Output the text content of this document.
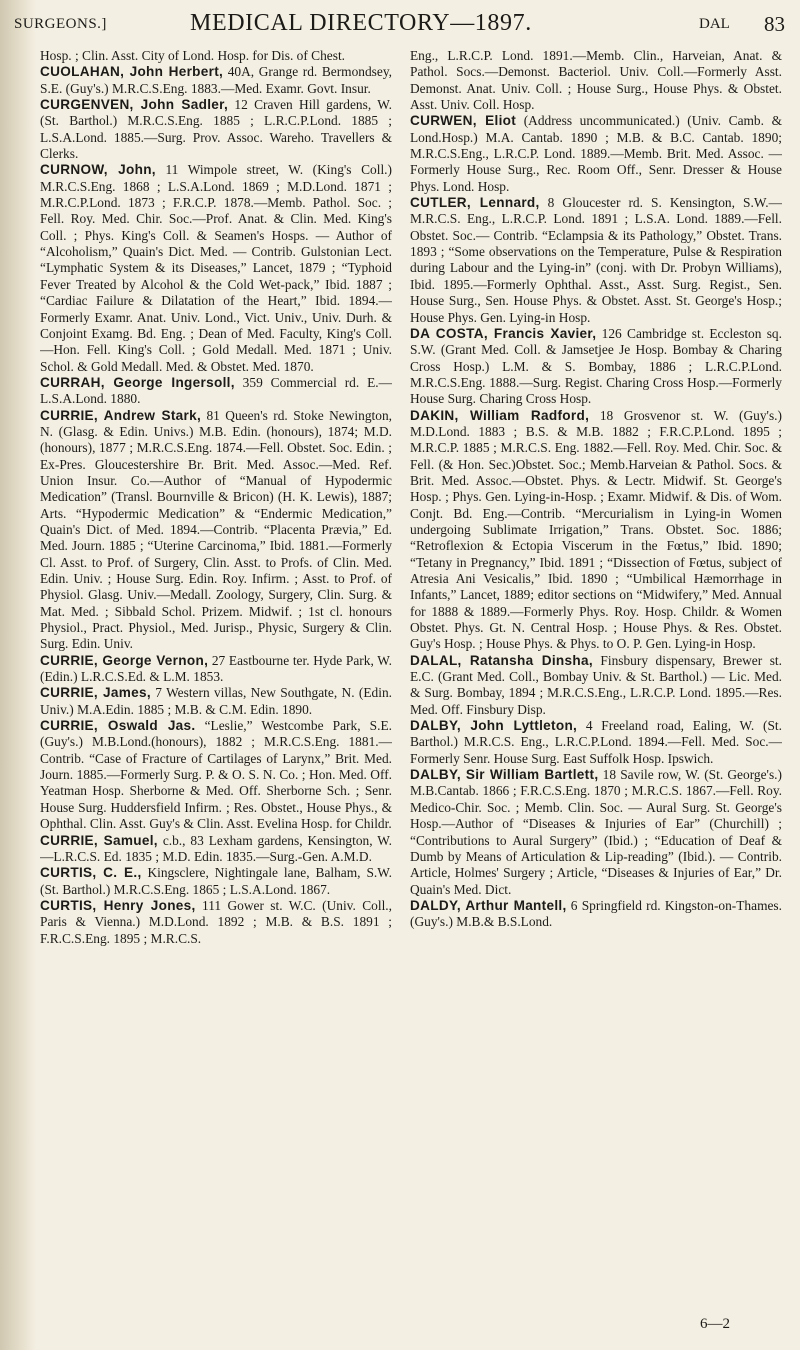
SURGEONS.]	MEDICAL DIRECTORY—1897.	DAL 83

Hosp. ; Clin. Asst. City of Lond. Hosp. for Dis. of Chest.

CUOLAHAN, John Herbert, 40A, Grange rd. Bermondsey, S.E. (Guy's.) M.R.C.S.Eng. 1883.—Med. Examr. Govt. Insur.

CURGENVEN, John Sadler, 12 Craven Hill gardens, W. (St. Barthol.) M.R.C.S.Eng. 1885 ; L.R.C.P.Lond. 1885 ; L.S.A.Lond. 1885.—Surg. Prov. Assoc. Wareho. Travellers & Clerks.

CURNOW, John, 11 Wimpole street, W. (King's Coll.) M.R.C.S.Eng. 1868 ; L.S.A.Lond. 1869 ; M.D.Lond. 1871 ; M.R.C.P.Lond. 1873 ; F.R.C.P. 1878.—Memb. Pathol. Soc. ; Fell. Roy. Med. Chir. Soc.—Prof. Anat. & Clin. Med. King's Coll. ; Phys. King's Coll. & Seamen's Hosps. — Author of “Alcoholism,” Quain's Dict. Med. — Contrib. Gulstonian Lect. “Lymphatic System & its Diseases,” Lancet, 1879 ; “Typhoid Fever Treated by Alcohol & the Cold Wet-pack,” Ibid. 1887 ; “Cardiac Failure & Dilatation of the Heart,” Ibid. 1894.—Formerly Examr. Anat. Univ. Lond., Vict. Univ., Univ. Durh. & Conjoint Examg. Bd. Eng. ; Dean of Med. Faculty, King's Coll.—Hon. Fell. King's Coll. ; Gold Medall. Med. 1871 ; Univ. Schol. & Gold Medall. Med. & Obstet. Med. 1870.

CURRAH, George Ingersoll, 359 Commercial rd. E.—L.S.A.Lond. 1880.

CURRIE, Andrew Stark, 81 Queen's rd. Stoke Newington, N. (Glasg. & Edin. Univs.) M.B. Edin. (honours), 1874; M.D. (honours), 1877 ; M.R.C.S.Eng. 1874.—Fell. Obstet. Soc. Edin. ; Ex-Pres. Gloucestershire Br. Brit. Med. Assoc.—Med. Ref. Union Insur. Co.—Author of “Manual of Hypodermic Medication” (Transl. Bournville & Bricon) (H. K. Lewis), 1887; Arts. “Hypodermic Medication” & “Endermic Medication,” Quain's Dict. of Med. 1894.—Contrib. “Placenta Prævia,” Ed. Med. Journ. 1885 ; “Uterine Carcinoma,” Ibid. 1881.—Formerly Cl. Asst. to Prof. of Surgery, Clin. Asst. to Profs. of Clin. Med. Edin. Univ. ; House Surg. Edin. Roy. Infirm. ; Asst. to Prof. of Physiol. Glasg. Univ.—Medall. Zoology, Surgery, Clin. Surg. & Mat. Med. ; Sibbald Schol. Prizem. Midwif. ; 1st cl. honours Physiol., Pract. Physiol., Med. Jurisp., Physic, Surgery & Clin. Surg. Edin. Univ.

CURRIE, George Vernon, 27 Eastbourne ter. Hyde Park, W. (Edin.) L.R.C.S.Ed. & L.M. 1853.

CURRIE, James, 7 Western villas, New Southgate, N. (Edin. Univ.) M.A.Edin. 1885 ; M.B. & C.M. Edin. 1890.

CURRIE, Oswald Jas. “Leslie,” Westcombe Park, S.E. (Guy's.) M.B.Lond.(honours), 1882 ; M.R.C.S.Eng. 1881.—Contrib. “Case of Fracture of Cartilages of Larynx,” Brit. Med. Journ. 1885.—Formerly Surg. P. & O. S. N. Co. ; Hon. Med. Off. Yeatman Hosp. Sherborne & Med. Off. Sherborne Sch. ; Senr. House Surg. Huddersfield Infirm. ; Res. Obstet., House Phys., & Ophthal. Clin. Asst. Guy's & Clin. Asst. Evelina Hosp. for Childr.

CURRIE, Samuel, c.b., 83 Lexham gardens, Kensington, W.—L.R.C.S. Ed. 1835 ; M.D. Edin. 1835.—Surg.-Gen. A.M.D.

CURTIS, C. E., Kingsclere, Nightingale lane, Balham, S.W. (St. Barthol.) M.R.C.S.Eng. 1865 ; L.S.A.Lond. 1867.

CURTIS, Henry Jones, 111 Gower st. W.C. (Univ. Coll., Paris & Vienna.) M.D.Lond. 1892 ; M.B. & B.S. 1891 ; F.R.C.S.Eng. 1895 ; M.R.C.S.

Eng., L.R.C.P. Lond. 1891.—Memb. Clin., Harveian, Anat. & Pathol. Socs.—Demonst. Bacteriol. Univ. Coll.—Formerly Asst. Demonst. Anat. Univ. Coll. ; House Surg., House Phys. & Obstet. Asst. Univ. Coll. Hosp.

CURWEN, Eliot (Address uncommunicated.) (Univ. Camb. & Lond.Hosp.) M.A. Cantab. 1890 ; M.B. & B.C. Cantab. 1890; M.R.C.S.Eng., L.R.C.P. Lond. 1889.—Memb. Brit. Med. Assoc. —Formerly House Surg., Rec. Room Off., Senr. Dresser & House Phys. Lond. Hosp.

CUTLER, Lennard, 8 Gloucester rd. S. Kensington, S.W.— M.R.C.S. Eng., L.R.C.P. Lond. 1891 ; L.S.A. Lond. 1889.—Fell. Obstet. Soc.— Contrib. “Eclampsia & its Pathology,” Obstet. Trans. 1893 ; “Some observations on the Temperature, Pulse & Respiration during Labour and the Lying-in” (conj. with Dr. Probyn Williams), Ibid. 1895.—Formerly Ophthal. Asst., Asst. Surg. Regist., Sen. House Surg., Sen. House Phys. & Obstet. Asst. St. George's Hosp.; House Phys. Gen. Lying-in Hosp.

DA COSTA, Francis Xavier, 126 Cambridge st. Eccleston sq. S.W. (Grant Med. Coll. & Jamsetjee Je Hosp. Bombay & Charing Cross Hosp.) L.M. & S. Bombay, 1886 ; L.R.C.P.Lond. M.R.C.S.Eng. 1888.—Surg. Regist. Charing Cross Hosp.—Formerly House Surg. Charing Cross Hosp.

DAKIN, William Radford, 18 Grosvenor st. W. (Guy's.) M.D.Lond. 1883 ; B.S. & M.B. 1882 ; F.R.C.P.Lond. 1895 ; M.R.C.P. 1885 ; M.R.C.S. Eng. 1882.—Fell. Roy. Med. Chir. Soc. & Fell. (& Hon. Sec.)Obstet. Soc.; Memb.Harveian & Pathol. Socs. & Brit. Med. Assoc.—Obstet. Phys. & Lectr. Midwif. St. George's Hosp. ; Phys. Gen. Lying-in-Hosp. ; Examr. Midwif. & Dis. of Wom. Conjt. Bd. Eng.—Contrib. “Mercurialism in Lying-in Women undergoing Sublimate Irrigation,” Trans. Obstet. Soc. 1886; “Retroflexion & Ectopia Viscerum in the Fœtus,” Ibid. 1890; “Tetany in Pregnancy,” Ibid. 1891 ; “Dissection of Fœtus, subject of Atresia Ani Vesicalis,” Ibid. 1890 ; “Umbilical Hæmorrhage in Infants,” Lancet, 1889; editor sections on “Midwifery,” Med. Annual for 1888 & 1889.—Formerly Phys. Roy. Hosp. Childr. & Women Obstet. Phys. Gt. N. Central Hosp. ; House Phys. & Res. Obstet. Guy's Hosp. ; House Phys. & Phys. to O. P. Gen. Lying-in Hosp.

DALAL, Ratansha Dinsha, Finsbury dispensary, Brewer st. E.C. (Grant Med. Coll., Bombay Univ. & St. Barthol.) — Lic. Med. & Surg. Bombay, 1894 ; M.R.C.S.Eng., L.R.C.P. Lond. 1895.—Res. Med. Off. Finsbury Disp.

DALBY, John Lyttleton, 4 Freeland road, Ealing, W. (St. Barthol.) M.R.C.S. Eng., L.R.C.P.Lond. 1894.—Fell. Med. Soc.—Formerly Senr. House Surg. East Suffolk Hosp. Ipswich.

DALBY, Sir William Bartlett, 18 Savile row, W. (St. George's.) M.B.Cantab. 1866 ; F.R.C.S.Eng. 1870 ; M.R.C.S. 1867.—Fell. Roy. Medico-Chir. Soc. ; Memb. Clin. Soc. — Aural Surg. St. George's Hosp.—Author of “Diseases & Injuries of Ear” (Churchill) ; “Contributions to Aural Surgery” (Ibid.) ; “Education of Deaf & Dumb by Means of Articulation & Lip-reading” (Ibid.). — Contrib. Article, Holmes' Surgery ; Article, “Diseases & Injuries of Ear,” Dr. Quain's Med. Dict.

DALDY, Arthur Mantell, 6 Springfield rd. Kingston-on-Thames. (Guy's.) M.B.& B.S.Lond.

6—2
